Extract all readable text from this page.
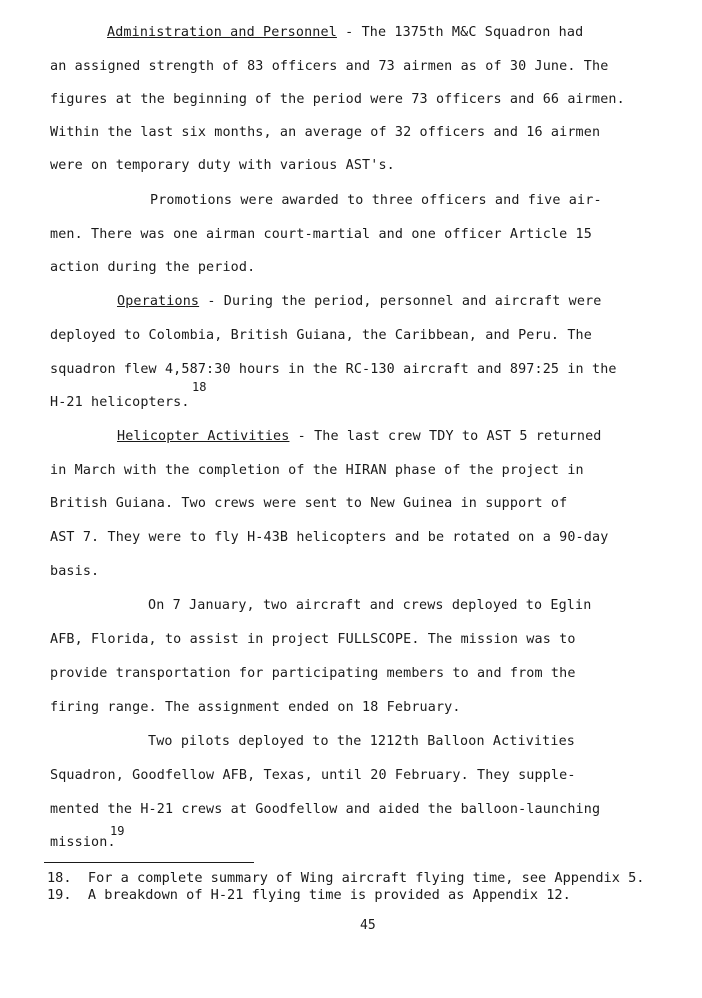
Administration and Personnel - The 1375th M&C Squadron had
an assigned strength of 83 officers and 73 airmen as of 30 June. The
figures at the beginning of the period were 73 officers and 66 airmen.
Within the last six months, an average of 32 officers and 16 airmen
were on temporary duty with various AST's.
Promotions were awarded to three officers and five air-
men. There was one airman court-martial and one officer Article 15
action during the period.
Operations - During the period, personnel and aircraft were
deployed to Colombia, British Guiana, the Caribbean, and Peru. The
squadron flew 4,587:30 hours in the RC-130 aircraft and 897:25 in the
18
H-21 helicopters.
Helicopter Activities - The last crew TDY to AST 5 returned
in March with the completion of the HIRAN phase of the project in
British Guiana. Two crews were sent to New Guinea in support of
AST 7. They were to fly H-43B helicopters and be rotated on a 90-day
basis.
On 7 January, two aircraft and crews deployed to Eglin
AFB, Florida, to assist in project FULLSCOPE. The mission was to
provide transportation for participating members to and from the
firing range. The assignment ended on 18 February.
Two pilots deployed to the 1212th Balloon Activities
Squadron, Goodfellow AFB, Texas, until 20 February. They supple-
mented the H-21 crews at Goodfellow and aided the balloon-launching
19
mission.
18.  For a complete summary of Wing aircraft flying time, see Appendix 5.
19.  A breakdown of H-21 flying time is provided as Appendix 12.
45
